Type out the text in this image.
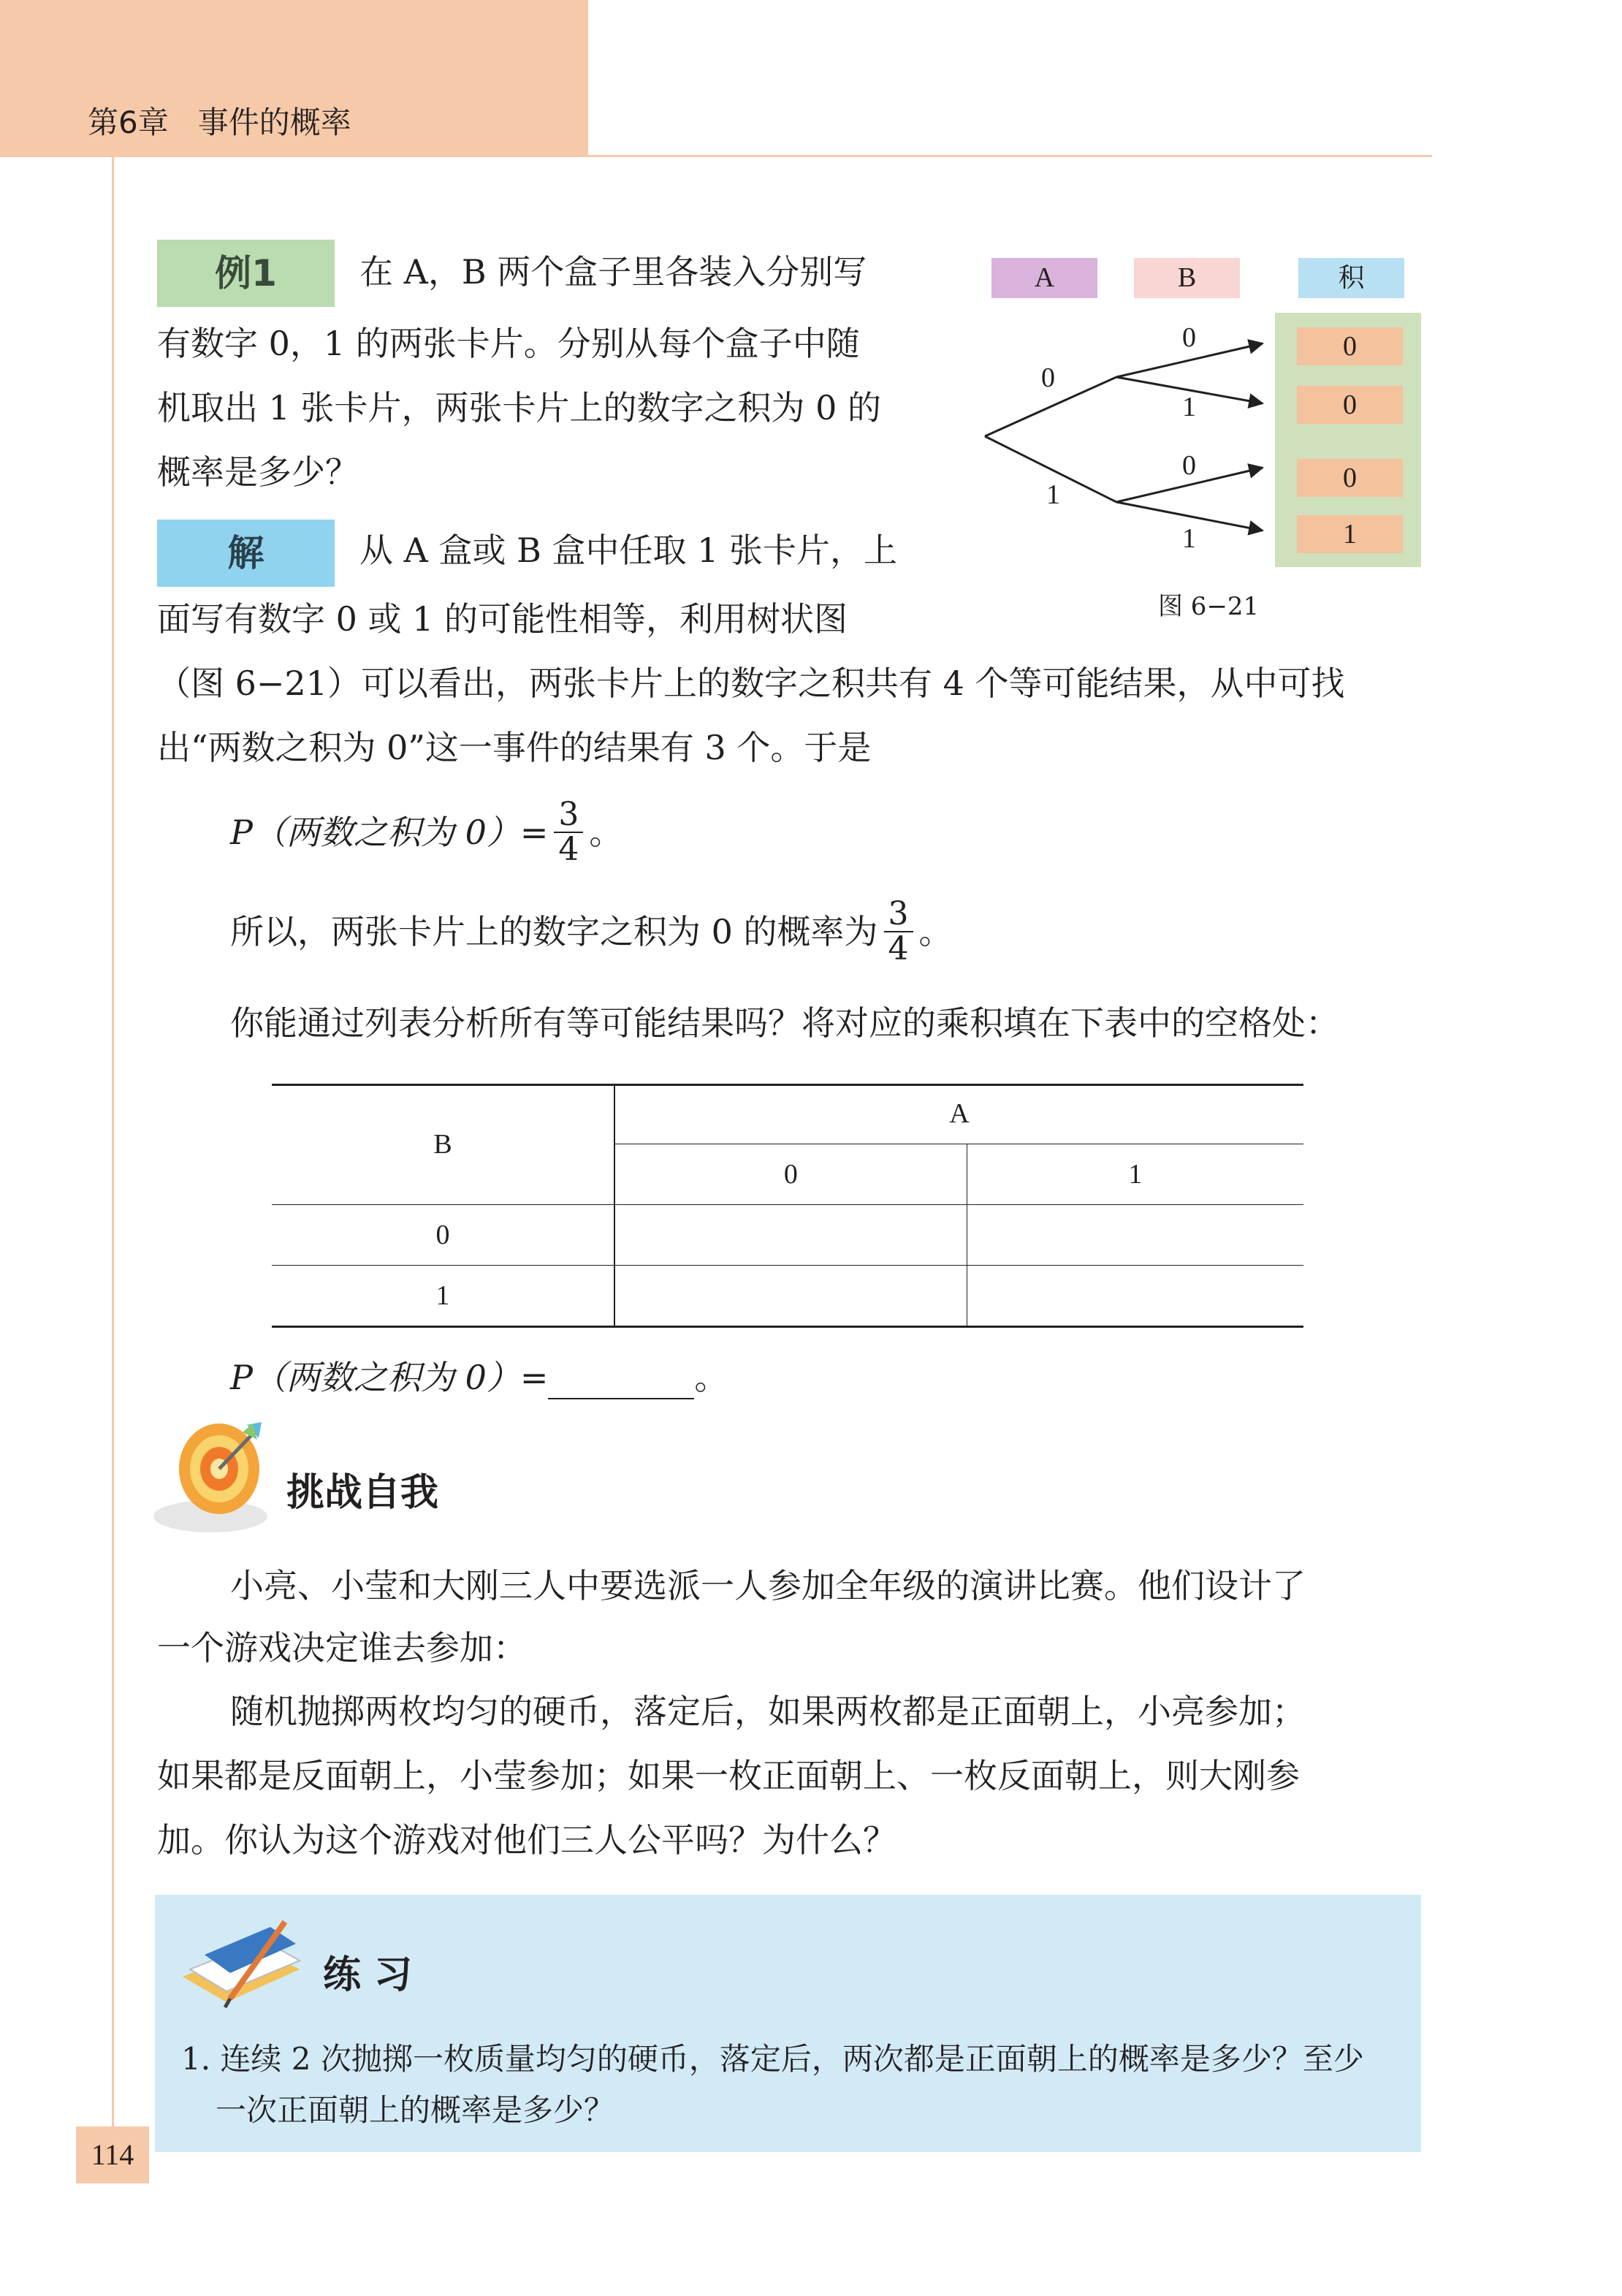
第6章 事件的概率
例1	在 A，B 两个盒子里各装入分别写
有数字 0，1 的两张卡片。分别从每个盒子中随
机取出 1 张卡片，两张卡片上的数字之积为 0 的
概率是多少？
A	B	积
0
0
0
1
0
1
0
1
0
1
图 6−21
解	从 A 盒或 B 盒中任取 1 张卡片，上
面写有数字 0 或 1 的可能性相等，利用树状图
（图 6−21）可以看出，两张卡片上的数字之积共有 4 个等可能结果，从中可找
出“两数之积为 0”这一事件的结果有 3 个。于是
P（两数之积为 $0)= \frac{3}{4}$ 。
所以，两张卡片上的数字之积为 0 的概率为 $\frac{3}{4}$ 。
你能通过列表分析所有等可能结果吗？将对应的乘积填在下表中的空格处：
B	A	
	0	1
0		
1		
P（两数之积为 0）=	。
挑战自我
小亮、小莹和大刚三人中要选派一人参加全年级的演讲比赛。他们设计了
一个游戏决定谁去参加：
随机抛掷两枚均匀的硬币，落定后，如果两枚都是正面朝上，小亮参加；
如果都是反面朝上，小莹参加；如果一枚正面朝上、一枚反面朝上，则大刚参
加。你认为这个游戏对他们三人公平吗？为什么？
练习
1. 连续 2 次抛掷一枚质量均匀的硬币，落定后，两次都是正面朝上的概率是多少？至少
一次正面朝上的概率是多少？
114
